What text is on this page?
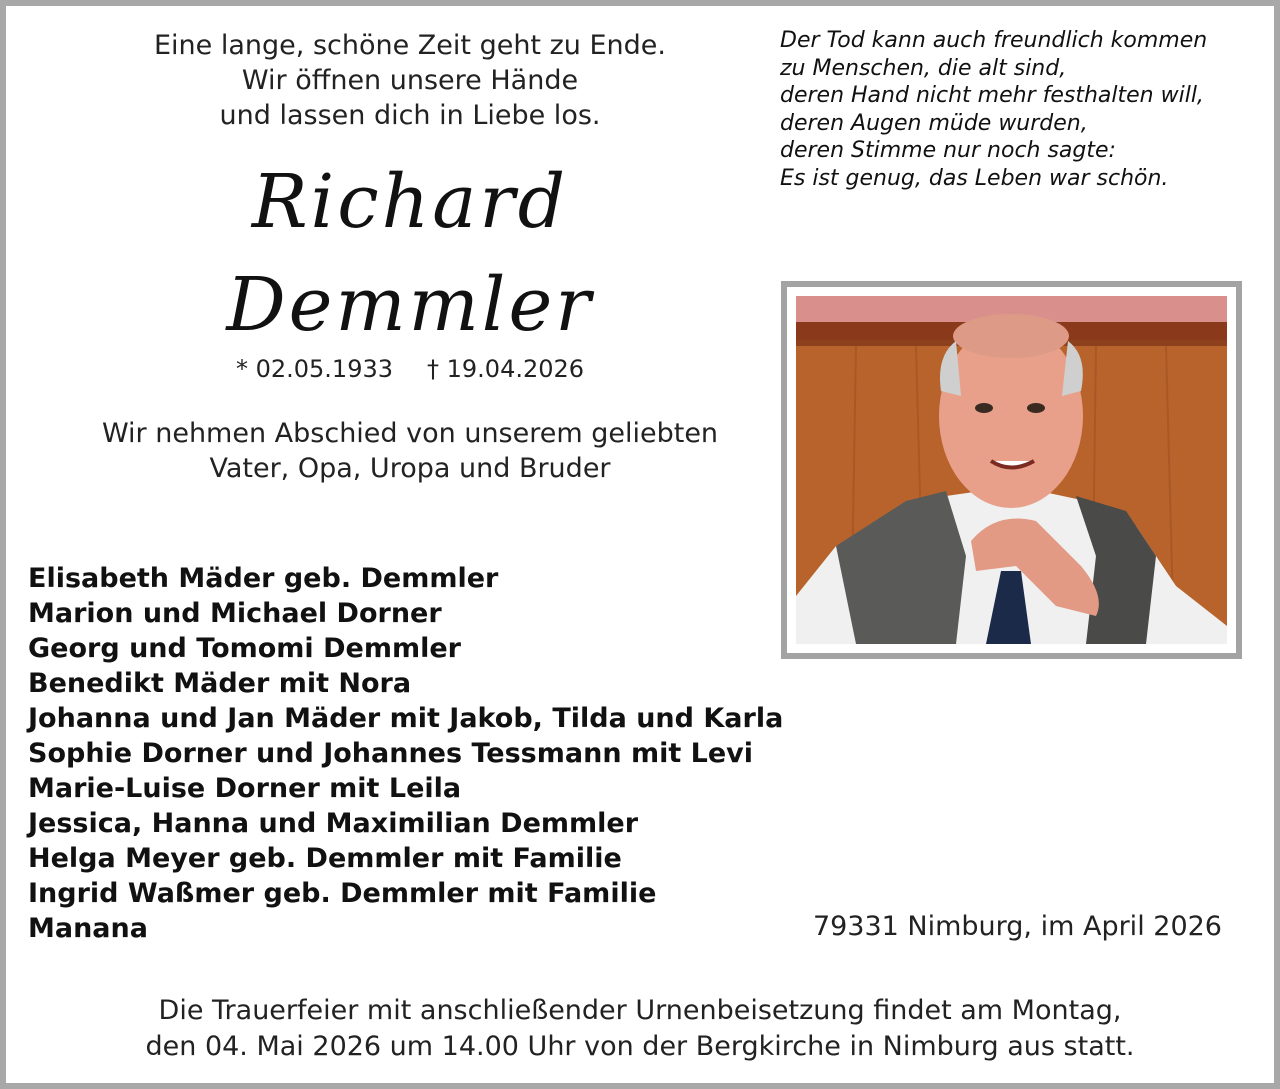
Eine lange, schöne Zeit geht zu Ende.
Wir öffnen unsere Hände
und lassen dich in Liebe los.
Der Tod kann auch freundlich kommen
zu Menschen, die alt sind,
deren Hand nicht mehr festhalten will,
deren Augen müde wurden,
deren Stimme nur noch sagte:
Es ist genug, das Leben war schön.
Richard
Demmler
* 02.05.1933 † 19.04.2026
Wir nehmen Abschied von unserem geliebten
Vater, Opa, Uropa und Bruder
Elisabeth Mäder geb. Demmler
Marion und Michael Dorner
Georg und Tomomi Demmler
Benedikt Mäder mit Nora
Johanna und Jan Mäder mit Jakob, Tilda und Karla
Sophie Dorner und Johannes Tessmann mit Levi
Marie-Luise Dorner mit Leila
Jessica, Hanna und Maximilian Demmler
Helga Meyer geb. Demmler mit Familie
Ingrid Waßmer geb. Demmler mit Familie
Manana	79331 Nimburg, im April 2026
Die Trauerfeier mit anschließender Urnenbeisetzung findet am Montag,
den 04. Mai 2026 um 14.00 Uhr von der Bergkirche in Nimburg aus statt.
